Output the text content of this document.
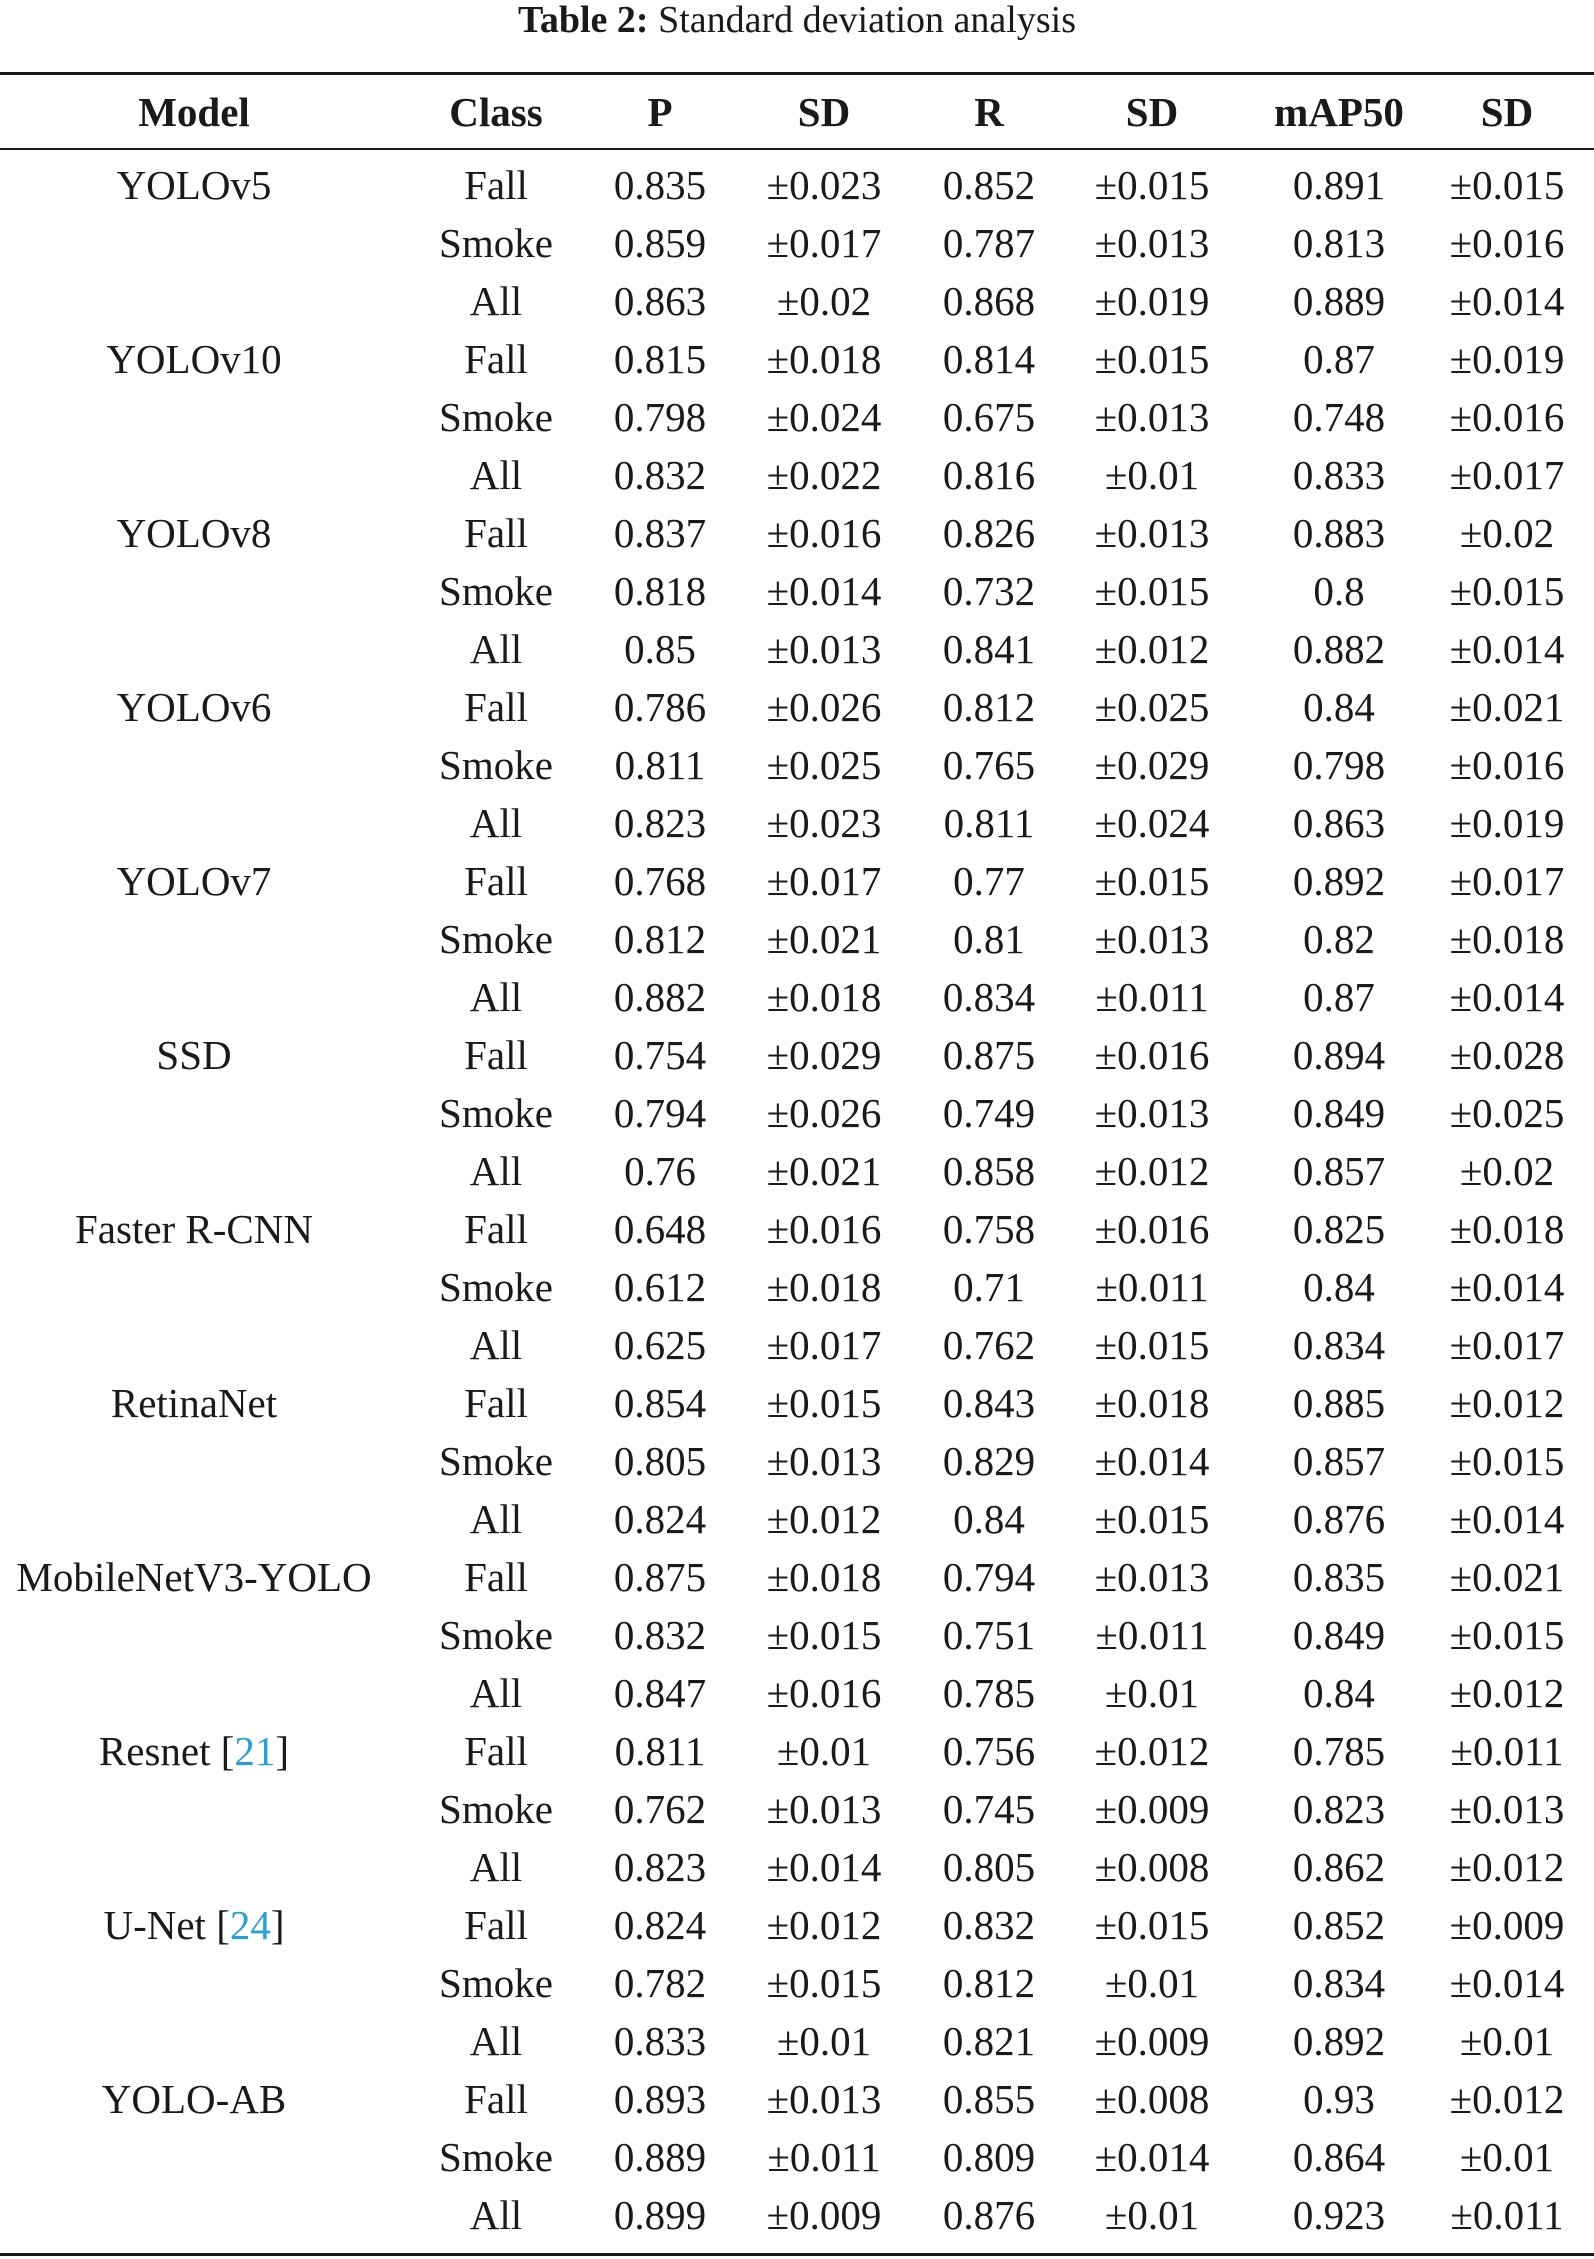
Table 2: Standard deviation analysis
Model	Class	P	SD	R	SD	mAP50	SD

YOLOv5	Fall	0.835	±0.023	0.852	±0.015	0.891	±0.015
	Smoke	0.859	±0.017	0.787	±0.013	0.813	±0.016
	All	0.863	±0.02	0.868	±0.019	0.889	±0.014
YOLOv10	Fall	0.815	±0.018	0.814	±0.015	0.87	±0.019
	Smoke	0.798	±0.024	0.675	±0.013	0.748	±0.016
	All	0.832	±0.022	0.816	±0.01	0.833	±0.017
YOLOv8	Fall	0.837	±0.016	0.826	±0.013	0.883	±0.02
	Smoke	0.818	±0.014	0.732	±0.015	0.8	±0.015
	All	0.85	±0.013	0.841	±0.012	0.882	±0.014
YOLOv6	Fall	0.786	±0.026	0.812	±0.025	0.84	±0.021
	Smoke	0.811	±0.025	0.765	±0.029	0.798	±0.016
	All	0.823	±0.023	0.811	±0.024	0.863	±0.019
YOLOv7	Fall	0.768	±0.017	0.77	±0.015	0.892	±0.017
	Smoke	0.812	±0.021	0.81	±0.013	0.82	±0.018
	All	0.882	±0.018	0.834	±0.011	0.87	±0.014
SSD	Fall	0.754	±0.029	0.875	±0.016	0.894	±0.028
	Smoke	0.794	±0.026	0.749	±0.013	0.849	±0.025
	All	0.76	±0.021	0.858	±0.012	0.857	±0.02
Faster R-CNN	Fall	0.648	±0.016	0.758	±0.016	0.825	±0.018
	Smoke	0.612	±0.018	0.71	±0.011	0.84	±0.014
	All	0.625	±0.017	0.762	±0.015	0.834	±0.017
RetinaNet	Fall	0.854	±0.015	0.843	±0.018	0.885	±0.012
	Smoke	0.805	±0.013	0.829	±0.014	0.857	±0.015
	All	0.824	±0.012	0.84	±0.015	0.876	±0.014
MobileNetV3-YOLO	Fall	0.875	±0.018	0.794	±0.013	0.835	±0.021
	Smoke	0.832	±0.015	0.751	±0.011	0.849	±0.015
	All	0.847	±0.016	0.785	±0.01	0.84	±0.012
Resnet [21]	Fall	0.811	±0.01	0.756	±0.012	0.785	±0.011
	Smoke	0.762	±0.013	0.745	±0.009	0.823	±0.013
	All	0.823	±0.014	0.805	±0.008	0.862	±0.012
U-Net [24]	Fall	0.824	±0.012	0.832	±0.015	0.852	±0.009
	Smoke	0.782	±0.015	0.812	±0.01	0.834	±0.014
	All	0.833	±0.01	0.821	±0.009	0.892	±0.01
YOLO-AB	Fall	0.893	±0.013	0.855	±0.008	0.93	±0.012
	Smoke	0.889	±0.011	0.809	±0.014	0.864	±0.01
	All	0.899	±0.009	0.876	±0.01	0.923	±0.011
